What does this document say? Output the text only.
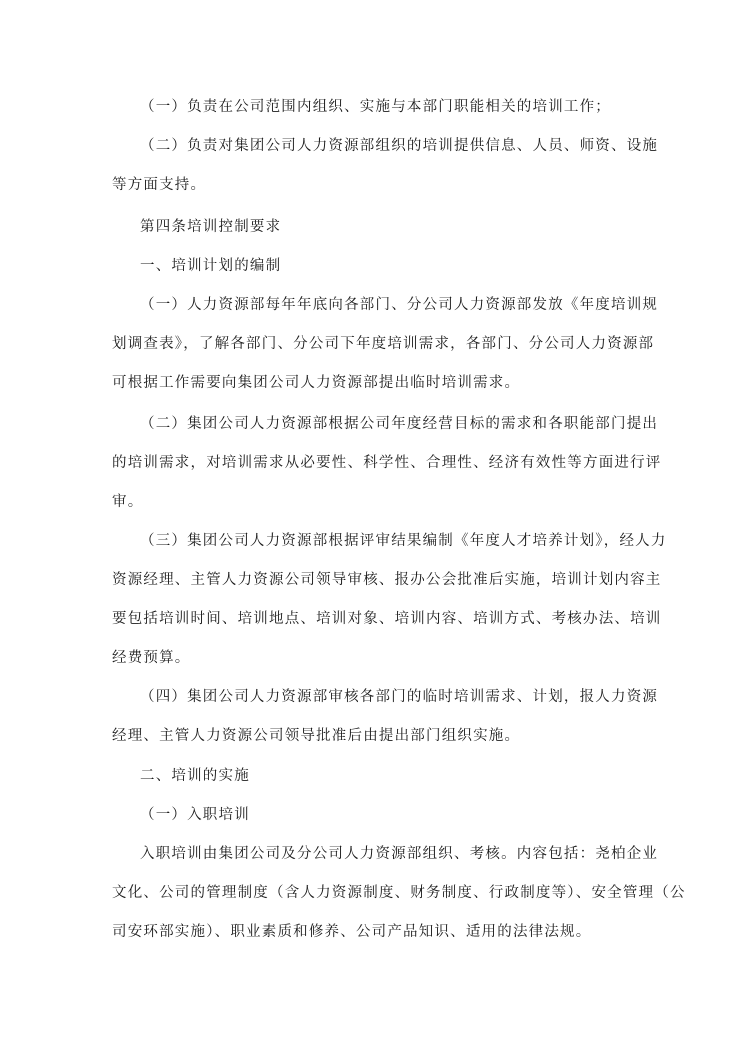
（一）负责在公司范围内组织、实施与本部门职能相关的培训工作；
（二）负责对集团公司人力资源部组织的培训提供信息、人员、师资、设施
等方面支持。
第四条培训控制要求
一、培训计划的编制
（一）人力资源部每年年底向各部门、分公司人力资源部发放《年度培训规
划调查表》，了解各部门、分公司下年度培训需求，各部门、分公司人力资源部
可根据工作需要向集团公司人力资源部提出临时培训需求。
（二）集团公司人力资源部根据公司年度经营目标的需求和各职能部门提出
的培训需求，对培训需求从必要性、科学性、合理性、经济有效性等方面进行评
审。
（三）集团公司人力资源部根据评审结果编制《年度人才培养计划》，经人力
资源经理、主管人力资源公司领导审核、报办公会批准后实施，培训计划内容主
要包括培训时间、培训地点、培训对象、培训内容、培训方式、考核办法、培训
经费预算。
（四）集团公司人力资源部审核各部门的临时培训需求、计划，报人力资源
经理、主管人力资源公司领导批准后由提出部门组织实施。
二、培训的实施
（一）入职培训
入职培训由集团公司及分公司人力资源部组织、考核。内容包括：尧柏企业
文化、公司的管理制度（含人力资源制度、财务制度、行政制度等）、安全管理（公
司安环部实施）、职业素质和修养、公司产品知识、适用的法律法规。
